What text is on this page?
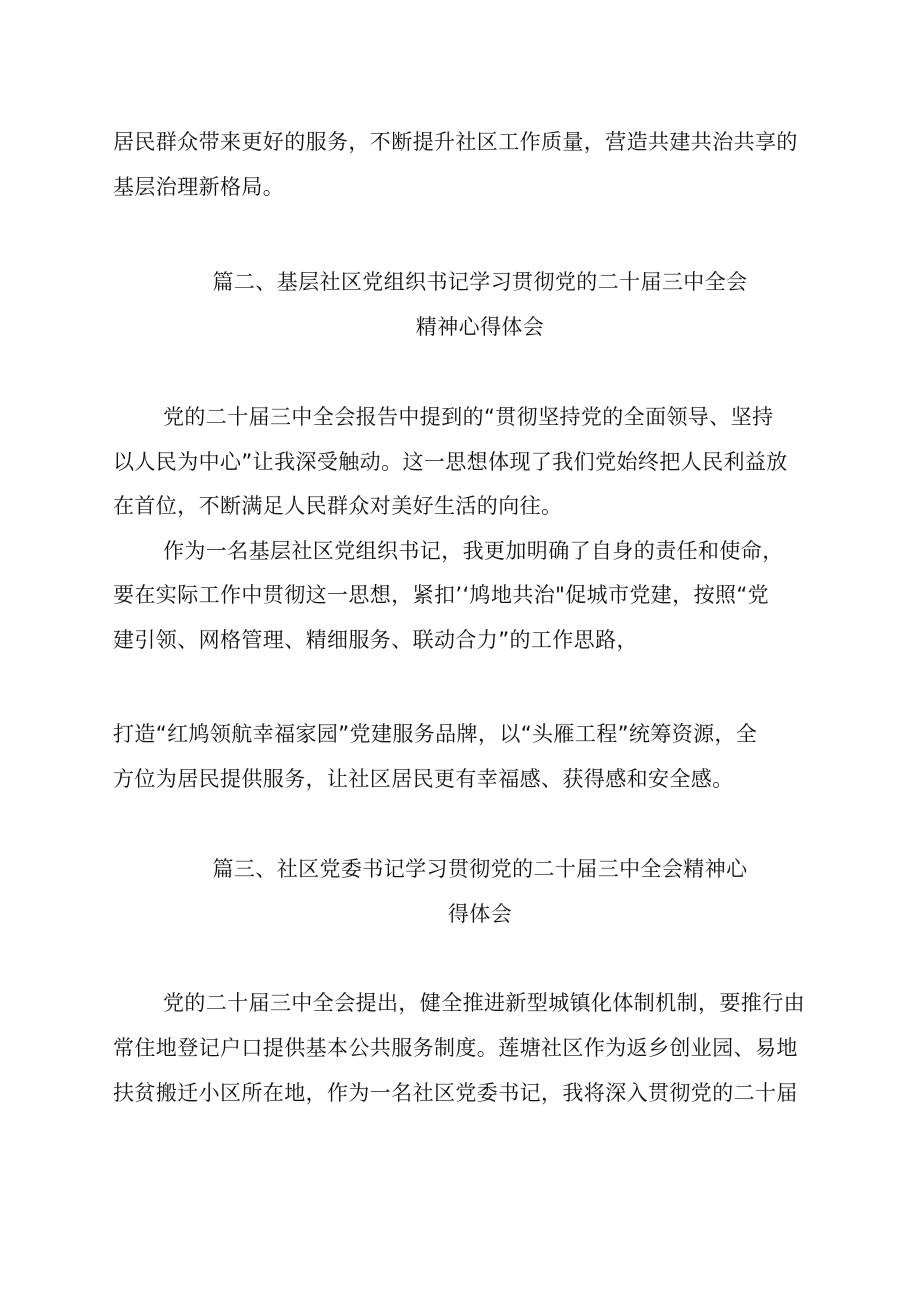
居民群众带来更好的服务，不断提升社区工作质量，营造共建共治共享的
基层治理新格局。
篇二、基层社区党组织书记学习贯彻党的二十届三中全会
精神心得体会
党的二十届三中全会报告中提到的“贯彻坚持党的全面领导、坚持
以人民为中心”让我深受触动。这一思想体现了我们党始终把人民利益放
在首位，不断满足人民群众对美好生活的向往。
作为一名基层社区党组织书记，我更加明确了自身的责任和使命，
要在实际工作中贯彻这一思想，紧扣’‘鸠地共治"促城市党建，按照“党
建引领、网格管理、精细服务、联动合力”的工作思路，
打造“红鸠领航幸福家园”党建服务品牌，以“头雁工程”统筹资源，全
方位为居民提供服务，让社区居民更有幸福感、获得感和安全感。
篇三、社区党委书记学习贯彻党的二十届三中全会精神心
得体会
党的二十届三中全会提出，健全推进新型城镇化体制机制，要推行由
常住地登记户口提供基本公共服务制度。莲塘社区作为返乡创业园、易地
扶贫搬迁小区所在地，作为一名社区党委书记，我将深入贯彻党的二十届
